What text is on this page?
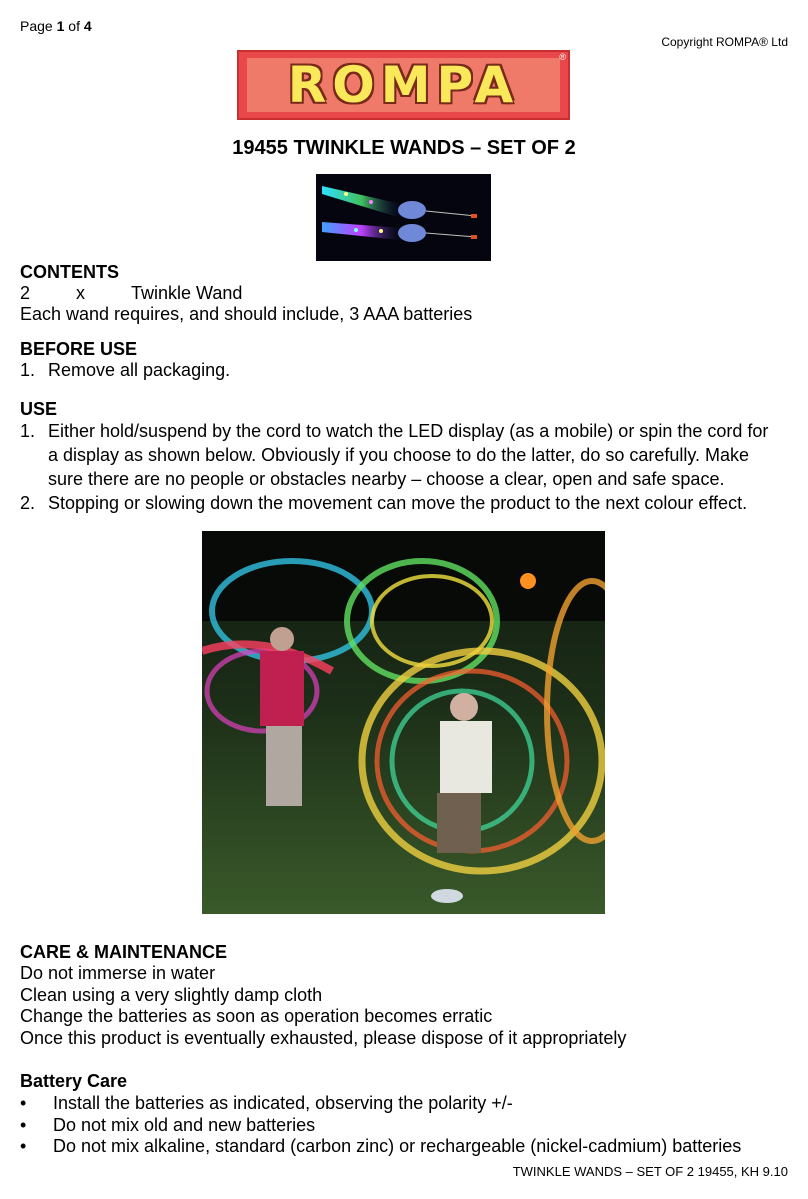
Page 1 of 4
Copyright ROMPA® Ltd
ROMPA	®
19455 TWINKLE WANDS – SET OF 2
CONTENTS
2	x	Twinkle Wand
Each wand requires, and should include, 3 AAA batteries
BEFORE USE
1. Remove all packaging.
USE
1. Either hold/suspend by the cord to watch the LED display (as a mobile) or spin the cord for
a display as shown below. Obviously if you choose to do the latter, do so carefully. Make
sure there are no people or obstacles nearby – choose a clear, open and safe space.
2. Stopping or slowing down the movement can move the product to the next colour effect.
CARE & MAINTENANCE
Do not immerse in water
Clean using a very slightly damp cloth
Change the batteries as soon as operation becomes erratic
Once this product is eventually exhausted, please dispose of it appropriately
Battery Care
•	Install the batteries as indicated, observing the polarity +/-
•	Do not mix old and new batteries
•	Do not mix alkaline, standard (carbon zinc) or rechargeable (nickel-cadmium) batteries
TWINKLE WANDS – SET OF 2 19455, KH 9.10
